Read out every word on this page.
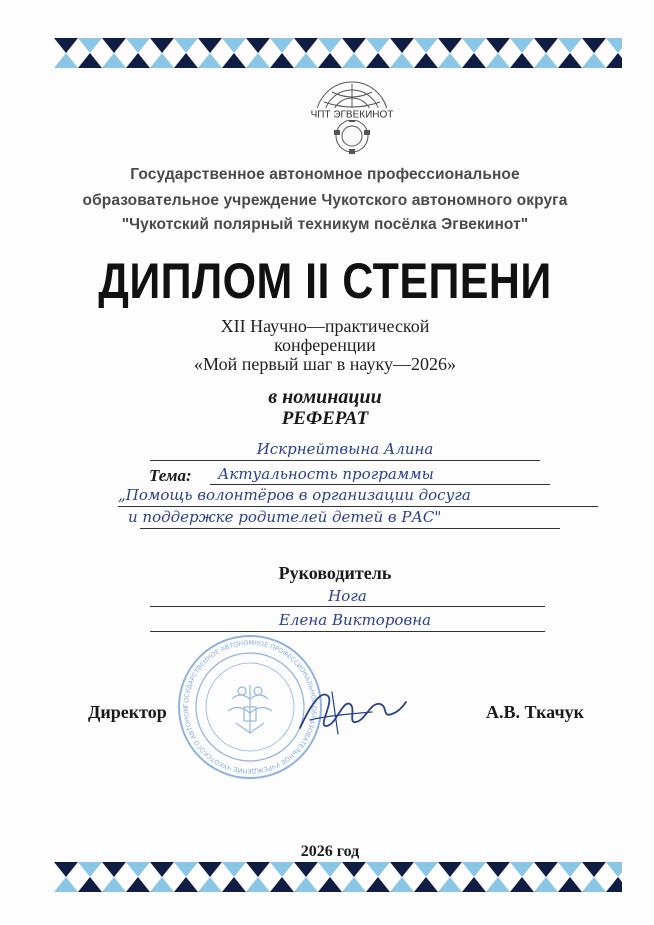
ЧПТ ЭГВЕКИНОТ
Государственное автономное профессиональное
образовательное учреждение Чукотского автономного округа
"Чукотский полярный техникум посёлка Эгвекинот"
ДИПЛОМ II СТЕПЕНИ
XII Научно—практической
конференции
«Мой первый шаг в науку—2026»
в номинации
РЕФЕРАТ
Искрнейтвына Алина
Тема: Актуальность программы
„Помощь волонтёров в организации досуга
и поддержке родителей детей в РАС"
Руководитель
Нога
Елена Викторовна
ГОСУДАРСТВЕННОЕ АВТОНОМНОЕ ПРОФЕССИОНАЛЬНОЕ ОБРАЗОВАТЕЛЬНОЕ УЧРЕЖДЕНИЕ ЧУКОТСКОГО АВТОНОМ
Директор	А.В. Ткачук
2026 год
